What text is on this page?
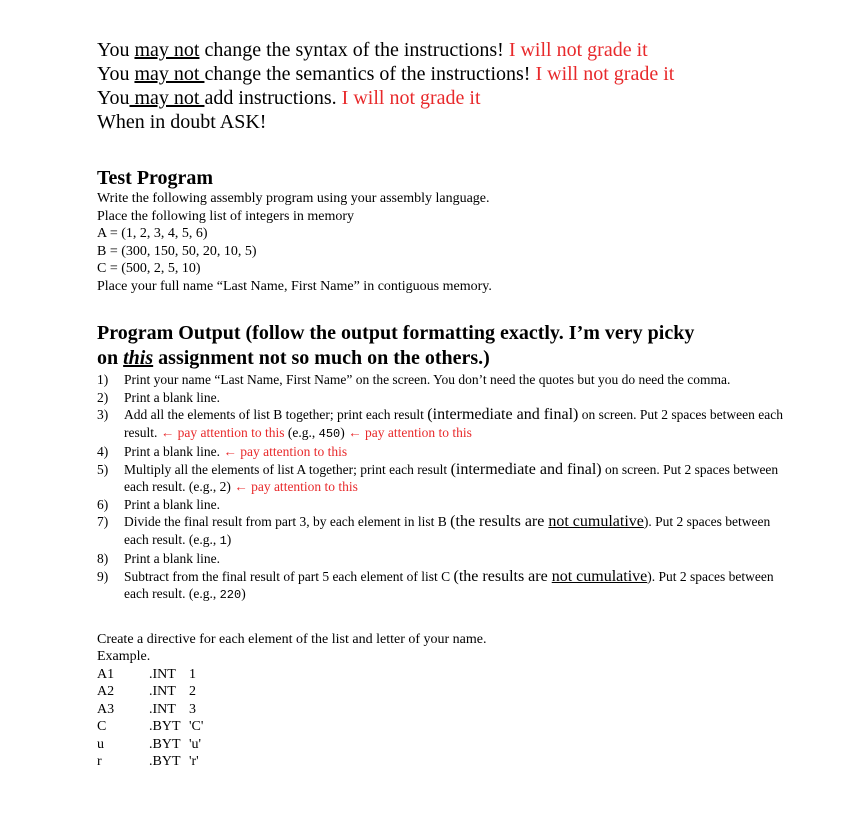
You may not change the syntax of the instructions! I will not grade it
You may not change the semantics of the instructions! I will not grade it
You may not add instructions. I will not grade it
When in doubt ASK!
Test Program
Write the following assembly program using your assembly language.
Place the following list of integers in memory
A = (1, 2, 3, 4, 5, 6)
B = (300, 150, 50, 20, 10, 5)
C = (500, 2, 5, 10)
Place your full name “Last Name, First Name” in contiguous memory.
Program Output (follow the output formatting exactly. I’m very picky
on this assignment not so much on the others.)
1) Print your name “Last Name, First Name” on the screen. You don’t need the quotes but you do need the comma.
2) Print a blank line.
3) Add all the elements of list B together; print each result (intermediate and final) on screen. Put 2 spaces between each result. ← pay attention to this (e.g., 450) ← pay attention to this
4) Print a blank line. ← pay attention to this
5) Multiply all the elements of list A together; print each result (intermediate and final) on screen. Put 2 spaces between each result. (e.g., 2) ← pay attention to this
6) Print a blank line.
7) Divide the final result from part 3, by each element in list B (the results are not cumulative). Put 2 spaces between each result. (e.g., 1)
8) Print a blank line.
9) Subtract from the final result of part 5 each element of list C (the results are not cumulative). Put 2 spaces between each result. (e.g., 220)
Create a directive for each element of the list and letter of your name.
Example.
A1	.INT	1
A2	.INT	2
A3	.INT	3
C	.BYT	'C'
u	.BYT	'u'
r	.BYT	'r'
